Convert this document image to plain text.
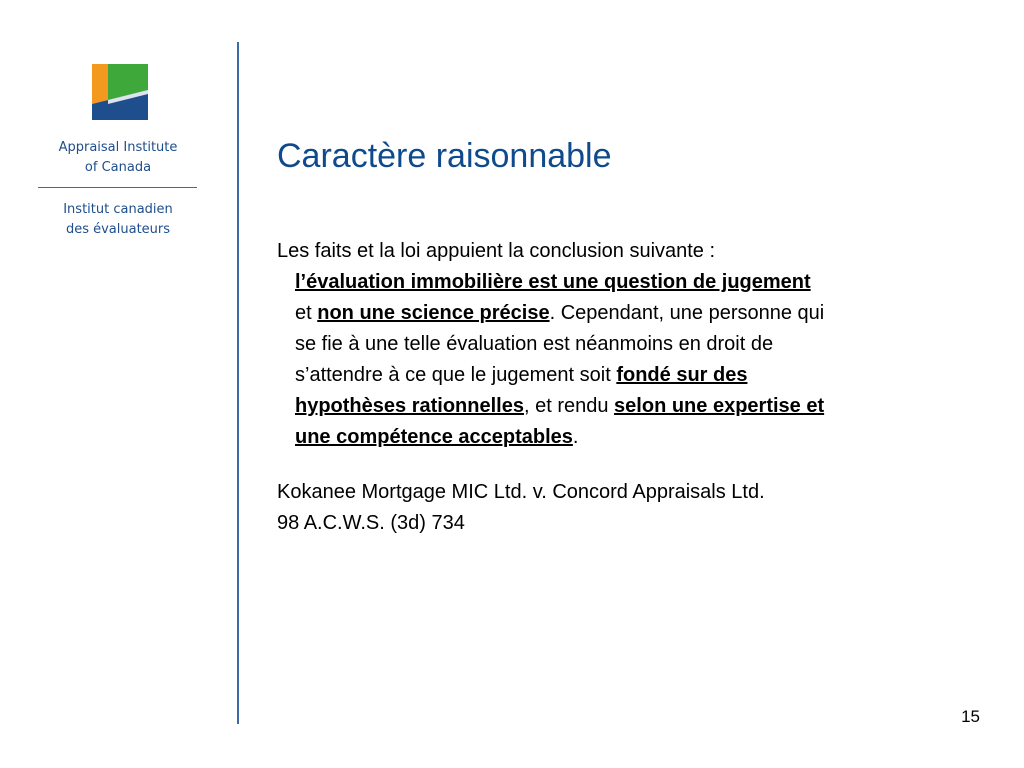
Appraisal Institute
of Canada
Institut canadien
des évaluateurs
Caractère raisonnable
Les faits et la loi appuient la conclusion suivante :
l’évaluation immobilière est une question de jugement
et non une science précise. Cependant, une personne qui
se fie à une telle évaluation est néanmoins en droit de
s’attendre à ce que le jugement soit fondé sur des
hypothèses rationnelles, et rendu selon une expertise et
une compétence acceptables.
Kokanee Mortgage MIC Ltd. v. Concord Appraisals Ltd.
98 A.C.W.S. (3d) 734
15
